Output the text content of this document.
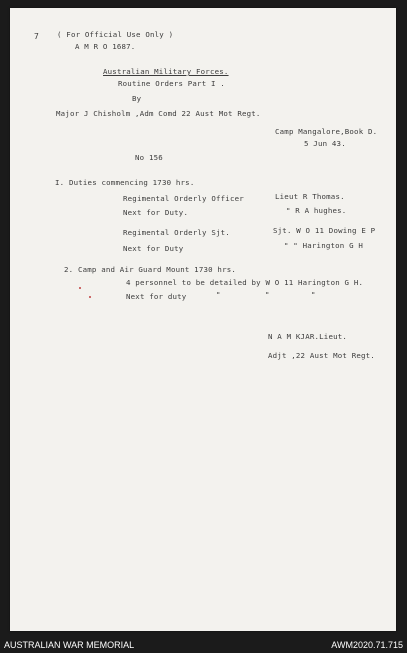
7 ( For Official Use Only )
A M R O 1687.
Australian Military Forces.
Routine Orders Part I .
By
Major J Chisholm ,Adm Comd 22 Aust Mot Regt.
Camp Mangalore,Book D.
5 Jun 43.
No 156
I. Duties commencing 1730 hrs.
Regimental Orderly Officer	Lieut R Thomas.
Next for Duty.	" R A hughes.
Regimental Orderly Sjt.	Sjt. W O 11 Dowing E P
Next for Duty	" " Harington G H
2. Camp and Air Guard Mount 1730 hrs.
4 personnel to be detailed by W O 11 Harington G H.
Next for duty	"	"	"
N A M KJAR.Lieut.
Adjt ,22 Aust Mot Regt.
AUSTRALIAN WAR MEMORIAL	AWM2020.71.715
